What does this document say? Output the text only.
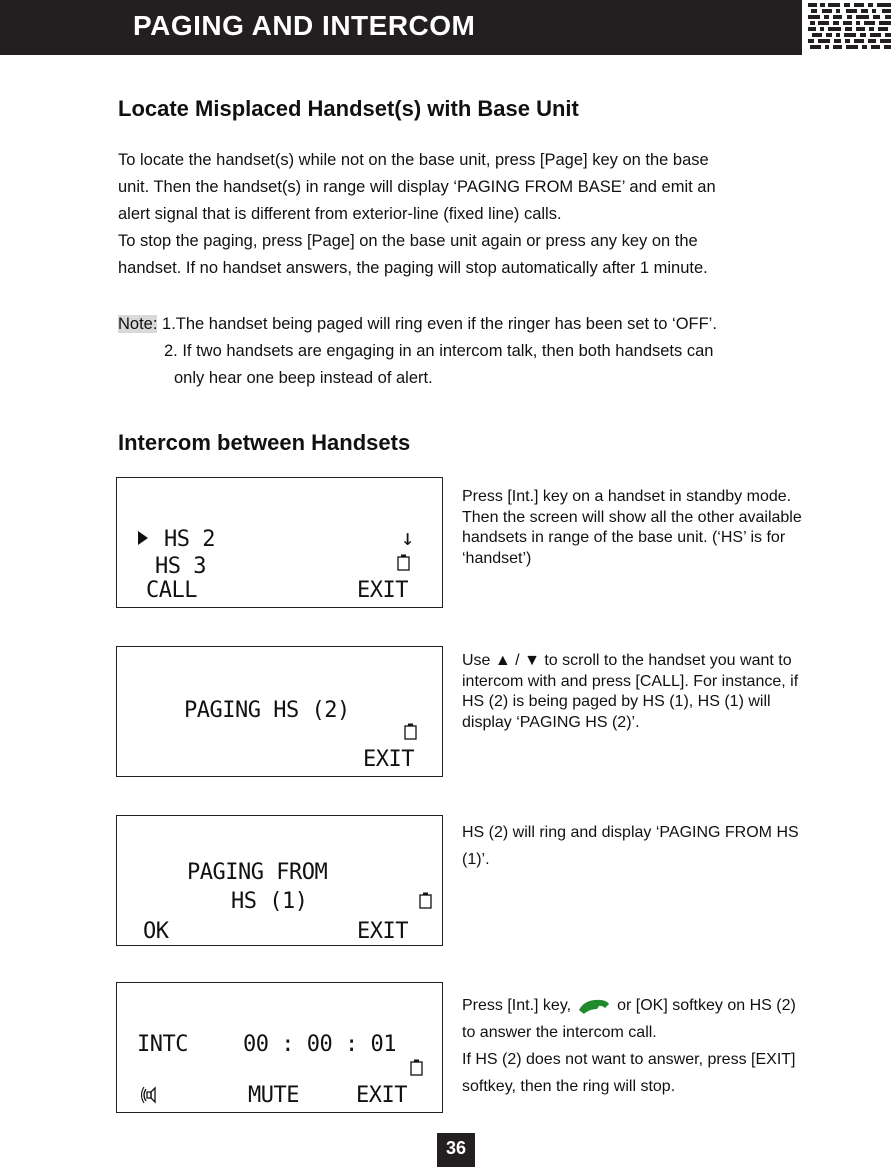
PAGING AND INTERCOM
Locate Misplaced Handset(s) with Base Unit
To locate the handset(s) while not on the base unit, press [Page] key on the base
unit. Then the handset(s) in range will display ‘PAGING FROM BASE’ and emit an
alert signal that is different from exterior-line (fixed line) calls.
To stop the paging, press [Page] on the base unit again or press any key on the
handset. If no handset answers, the paging will stop automatically after 1 minute.
Note: 1.The handset being paged will ring even if the ringer has been set to ‘OFF’.
2. If two handsets are engaging in an intercom talk, then both handsets can
only hear one beep instead of alert.
Intercom between Handsets
HS 2	↓
HS 3
CALL	EXIT

Press [Int.] key on a handset in standby mode.
Then the screen will show all the other available handsets in range of the base unit. (‘HS’ is for ‘handset’)

PAGING HS (2)
EXIT

Use ▲ / ▼ to scroll to the handset you want to intercom with and press [CALL]. For instance, if HS (2) is being paged by HS (1), HS (1) will display ‘PAGING HS (2)’.

PAGING FROM
HS (1)
OK	EXIT

HS (2) will ring and display ‘PAGING FROM HS (1)’.

INTC	00 : 00 : 01
MUTE	EXIT

Press [Int.] key,	or [OK] softkey on HS (2) to answer the intercom call.
If HS (2) does not want to answer, press [EXIT] softkey, then the ring will stop.

36
